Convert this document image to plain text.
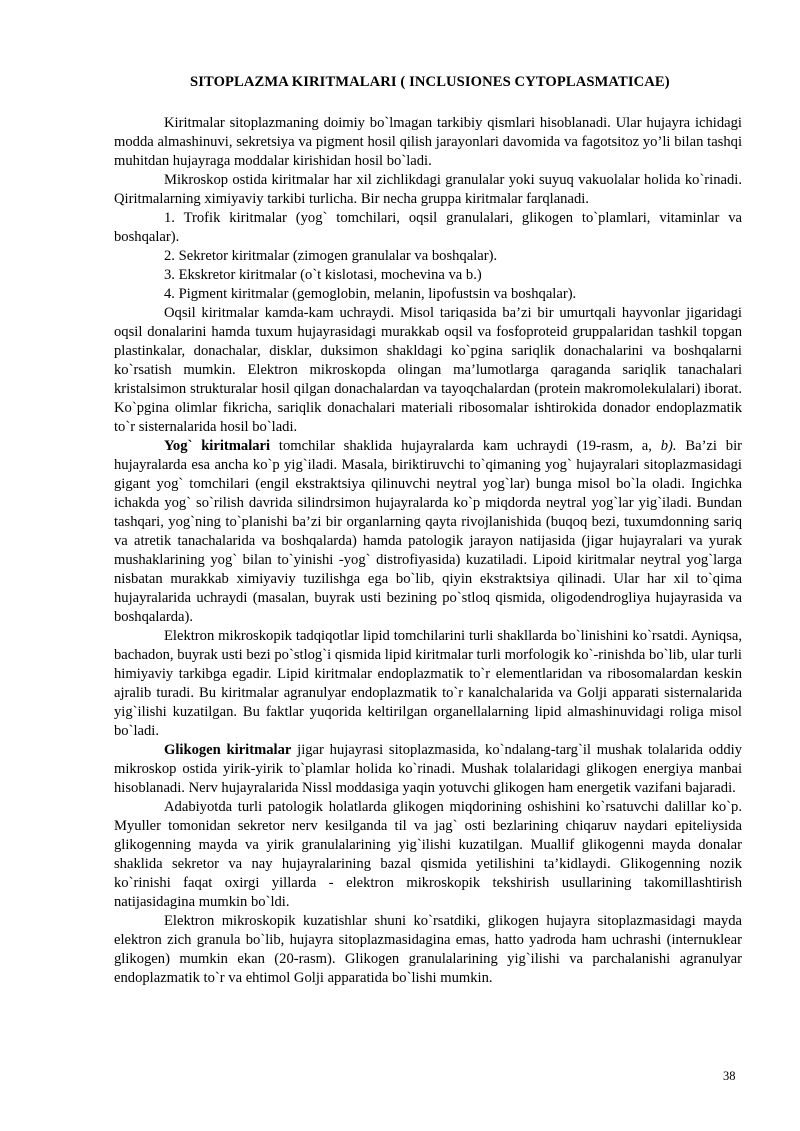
SITOPLAZMA KIRITMALARI ( INCLUSIONES CYTOPLASMATICAE)

Kiritmalar sitoplazmaning doimiy bo`lmagan tarkibiy qismlari hisoblanadi. Ular hujayra ichidagi modda almashinuvi, sekretsiya va pigment hosil qilish jarayonlari davomida va fagotsitoz yo’li bilan tashqi muhitdan hujayraga moddalar kirishidan hosil bo`ladi.

Mikroskop ostida kiritmalar har xil zichlikdagi granulalar yoki suyuq vakuolalar holida ko`rinadi. Qiritmalarning ximiyaviy tarkibi turlicha. Bir necha gruppa kiritmalar farqlanadi.

1. Trofik kiritmalar (yog` tomchilari, oqsil granulalari, glikogen to`plamlari, vitaminlar va boshqalar).

2. Sekretor kiritmalar (zimogen granulalar va boshqalar).

3. Ekskretor kiritmalar (o`t kislotasi, mochevina va b.)

4. Pigment kiritmalar (gemoglobin, melanin, lipofustsin va boshqalar).

Oqsil kiritmalar kamda-kam uchraydi. Misol tariqasida ba’zi bir umurtqali hayvonlar jigaridagi oqsil donalarini hamda tuxum hujayrasidagi murakkab oqsil va fosfoproteid gruppalaridan tashkil topgan plastinkalar, donachalar, disklar, duksimon shakldagi ko`pgina sariqlik donachalarini va boshqalarni ko`rsatish mumkin. Elektron mikroskopda olingan ma’lumotlarga qaraganda sariqlik tanachalari kristalsimon strukturalar hosil qilgan donachalardan va tayoqchalardan (protein makromolekulalari) iborat. Ko`pgina olimlar fikricha, sariqlik donachalari materiali ribosomalar ishtirokida donador endoplazmatik to`r sisternalarida hosil bo`ladi.

Yog` kiritmalari tomchilar shaklida hujayralarda kam uchraydi (19-rasm, a, b). Ba’zi bir hujayralarda esa ancha ko`p yig`iladi. Masala, biriktiruvchi to`qimaning yog` hujayralari sitoplazmasidagi gigant yog` tomchilari (engil ekstraktsiya qilinuvchi neytral yog`lar) bunga misol bo`la oladi. Ingichka ichakda yog` so`rilish davrida silindrsimon hujayralarda ko`p miqdorda neytral yog`lar yig`iladi. Bundan tashqari, yog`ning to`planishi ba’zi bir organlarning qayta rivojlanishida (buqoq bezi, tuxumdonning sariq va atretik tanachalarida va boshqalarda) hamda patologik jarayon natijasida (jigar hujayralari va yurak mushaklarining yog` bilan to`yinishi -yog` distrofiyasida) kuzatiladi. Lipoid kiritmalar neytral yog`larga nisbatan murakkab ximiyaviy tuzilishga ega bo`lib, qiyin ekstraktsiya qilinadi. Ular har xil to`qima hujayralarida uchraydi (masalan, buyrak usti bezining po`stloq qismida, oligodendrogliya hujayrasida va boshqalarda).

Elektron mikroskopik tadqiqotlar lipid tomchilarini turli shakllarda bo`linishini ko`rsatdi. Ayniqsa, bachadon, buyrak usti bezi po`stlog`i qismida lipid kiritmalar turli morfologik ko`-rinishda bo`lib, ular turli himiyaviy tarkibga egadir. Lipid kiritmalar endoplazmatik to`r elementlaridan va ribosomalardan keskin ajralib turadi. Bu kiritmalar agranulyar endoplazmatik to`r kanalchalarida va Golji apparati sisternalarida yig`ilishi kuzatilgan. Bu faktlar yuqorida keltirilgan organellalarning lipid almashinuvidagi roliga misol bo`ladi.

Glikogen kiritmalar jigar hujayrasi sitoplazmasida, ko`ndalang-targ`il mushak tolalarida oddiy mikroskop ostida yirik-yirik to`plamlar holida ko`rinadi. Mushak tolalaridagi glikogen energiya manbai hisoblanadi. Nerv hujayralarida Nissl moddasiga yaqin yotuvchi glikogen ham energetik vazifani bajaradi.

Adabiyotda turli patologik holatlarda glikogen miqdorining oshishini ko`rsatuvchi dalillar ko`p. Myuller tomonidan sekretor nerv kesilganda til va jag` osti bezlarining chiqaruv naydari epiteliysida glikogenning mayda va yirik granulalarining yig`ilishi kuzatilgan. Muallif glikogenni mayda donalar shaklida sekretor va nay hujayralarining bazal qismida yetilishini ta’kidlaydi. Glikogenning nozik ko`rinishi faqat oxirgi yillarda - elektron mikroskopik tekshirish usullarining takomillashtirish natijasidagina mumkin bo`ldi.

Elektron mikroskopik kuzatishlar shuni ko`rsatdiki, glikogen hujayra sitoplazmasidagi mayda elektron zich granula bo`lib, hujayra sitoplazmasidagina emas, hatto yadroda ham uchrashi (internuklear glikogen) mumkin ekan (20-rasm). Glikogen granulalarining yig`ilishi va parchalanishi agranulyar endoplazmatik to`r va ehtimol Golji apparatida bo`lishi mumkin.

38
